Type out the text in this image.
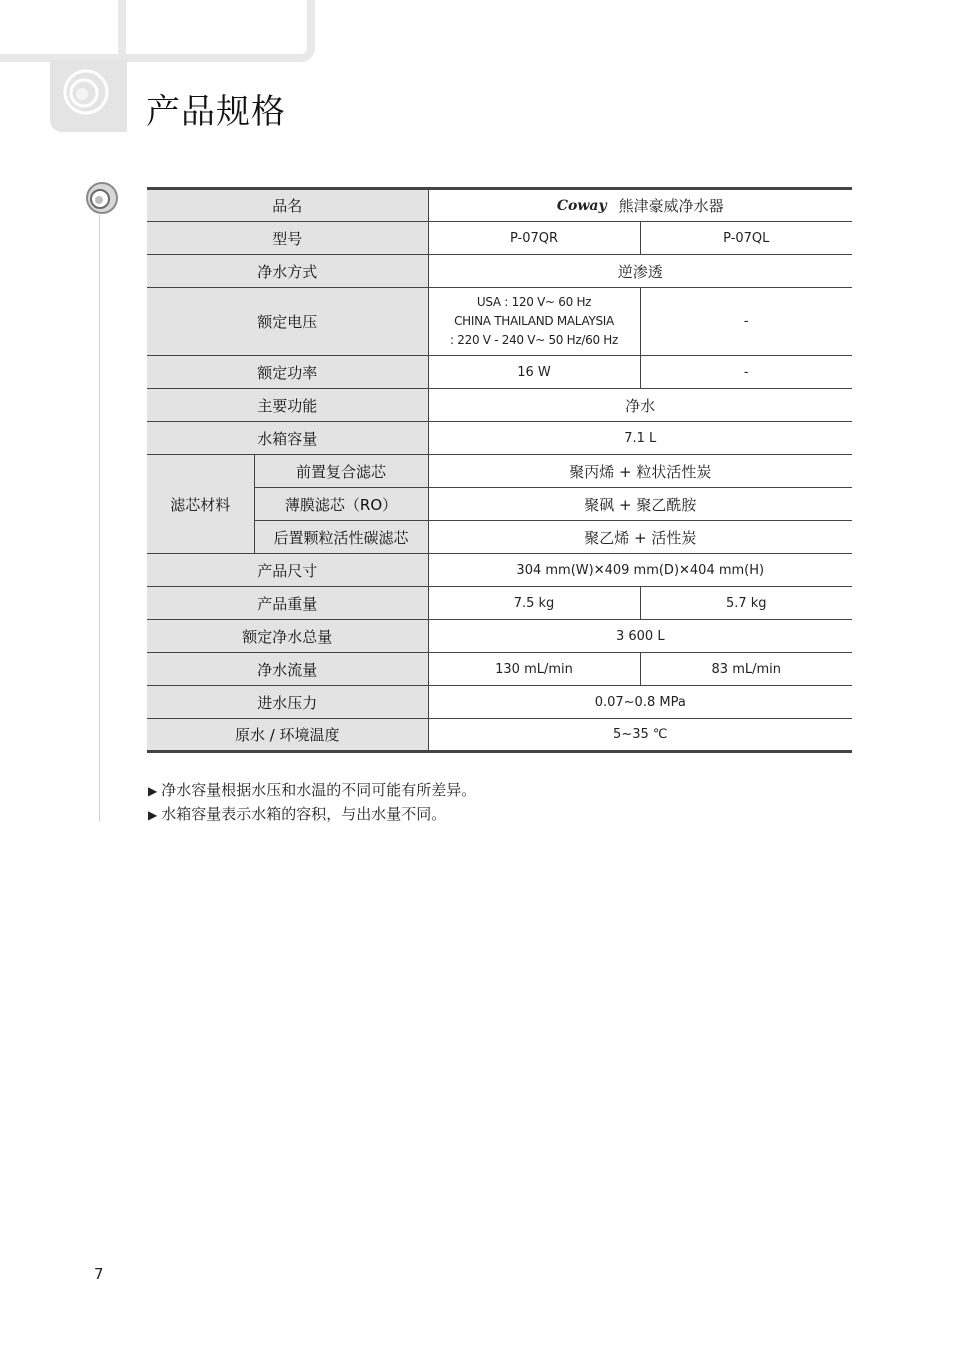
产品规格
品名		Coway 熊津豪威净水器	

型号		P-07QR	P-07QL
净水方式		逆渗透	
额定电压		USA : 120 V~ 60 Hz
CHINA THAILAND MALAYSIA
: 220 V - 240 V~ 50 Hz/60 Hz	-
额定功率		16 W	-
主要功能		净水	
水箱容量		7.1 L	
滤芯材料	前置复合滤芯	聚丙烯 + 粒状活性炭	
	薄膜滤芯（RO）	聚砜 + 聚乙酰胺	
	后置颗粒活性碳滤芯	聚乙烯 + 活性炭	
产品尺寸		304 mm(W)✕409 mm(D)✕404 mm(H)	
产品重量		7.5 kg	5.7 kg
额定净水总量		3 600 L	
净水流量		130 mL/min	83 mL/min
进水压力		0.07~0.8 MPa	
原水 / 环境温度		5~35 ℃	
▶ 净水容量根据水压和水温的不同可能有所差异。
▶ 水箱容量表示水箱的容积，与出水量不同。
7
